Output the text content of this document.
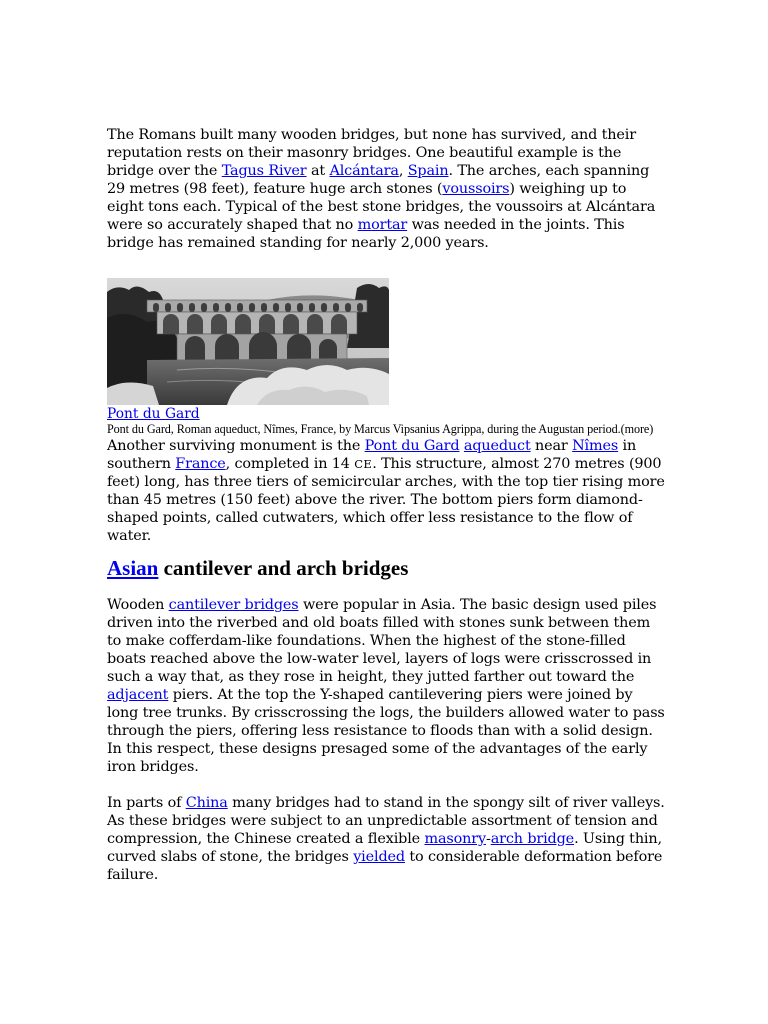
The Romans built many wooden bridges, but none has survived, and their reputation rests on their masonry bridges. One beautiful example is the bridge over the Tagus River at Alcántara, Spain. The arches, each spanning 29 metres (98 feet), feature huge arch stones (voussoirs) weighing up to eight tons each. Typical of the best stone bridges, the voussoirs at Alcántara were so accurately shaped that no mortar was needed in the joints. This bridge has remained standing for nearly 2,000 years.

Pont du Gard

Pont du Gard, Roman aqueduct, Nîmes, France, by Marcus Vipsanius Agrippa, during the Augustan period.(more)

Another surviving monument is the Pont du Gard aqueduct near Nîmes in southern France, completed in 14 CE. This structure, almost 270 metres (900 feet) long, has three tiers of semicircular arches, with the top tier rising more than 45 metres (150 feet) above the river. The bottom piers form diamond-shaped points, called cutwaters, which offer less resistance to the flow of water.

Asian cantilever and arch bridges

Wooden cantilever bridges were popular in Asia. The basic design used piles driven into the riverbed and old boats filled with stones sunk between them to make cofferdam-like foundations. When the highest of the stone-filled boats reached above the low-water level, layers of logs were crisscrossed in such a way that, as they rose in height, they jutted farther out toward the adjacent piers. At the top the Y-shaped cantilevering piers were joined by long tree trunks. By crisscrossing the logs, the builders allowed water to pass through the piers, offering less resistance to floods than with a solid design. In this respect, these designs presaged some of the advantages of the early iron bridges.

In parts of China many bridges had to stand in the spongy silt of river valleys. As these bridges were subject to an unpredictable assortment of tension and compression, the Chinese created a flexible masonry-arch bridge. Using thin, curved slabs of stone, the bridges yielded to considerable deformation before failure.
